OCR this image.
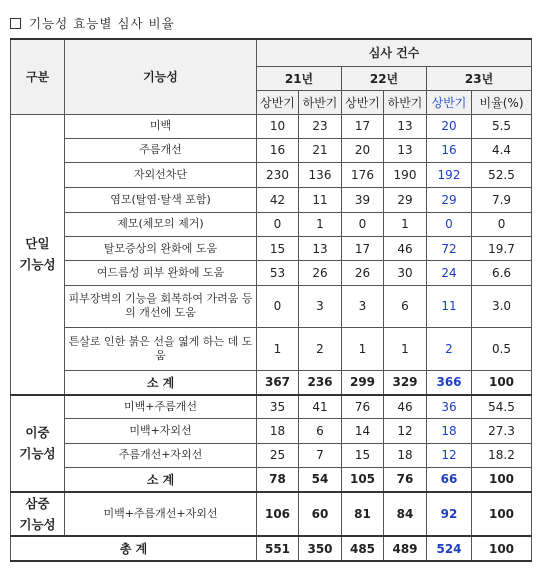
기능성 효능별 심사 비율
구분	기능성	심사 건수					
		21년		22년		23년	
		상반기	하반기	상반기	하반기	상반기	비율(%)

단일
기능성	미백	10	23	17	13	20	5.5
	주름개선	16	21	20	13	16	4.4
	자외선차단	230	136	176	190	192	52.5
	염모(탈염·탈색 포함)	42	11	39	29	29	7.9
	제모(체모의 제거)	0	1	0	1	0	0
	탈모증상의 완화에 도움	15	13	17	46	72	19.7
	여드름성 피부 완화에 도움	53	26	26	30	24	6.6
	피부장벽의 기능을 회복하여 가려움 등의 개선에 도움	0	3	3	6	11	3.0
	튼살로 인한 붉은 선을 엷게 하는 데 도움	1	2	1	1	2	0.5
	소 계	367	236	299	329	366	100

이중
기능성	미백+주름개선	35	41	76	46	36	54.5
	미백+자외선	18	6	14	12	18	27.3
	주름개선+자외선	25	7	15	18	12	18.2
	소 계	78	54	105	76	66	100

삼중
기능성	미백+주름개선+자외선	106	60	81	84	92	100
총 계		551	350	485	489	524	100
